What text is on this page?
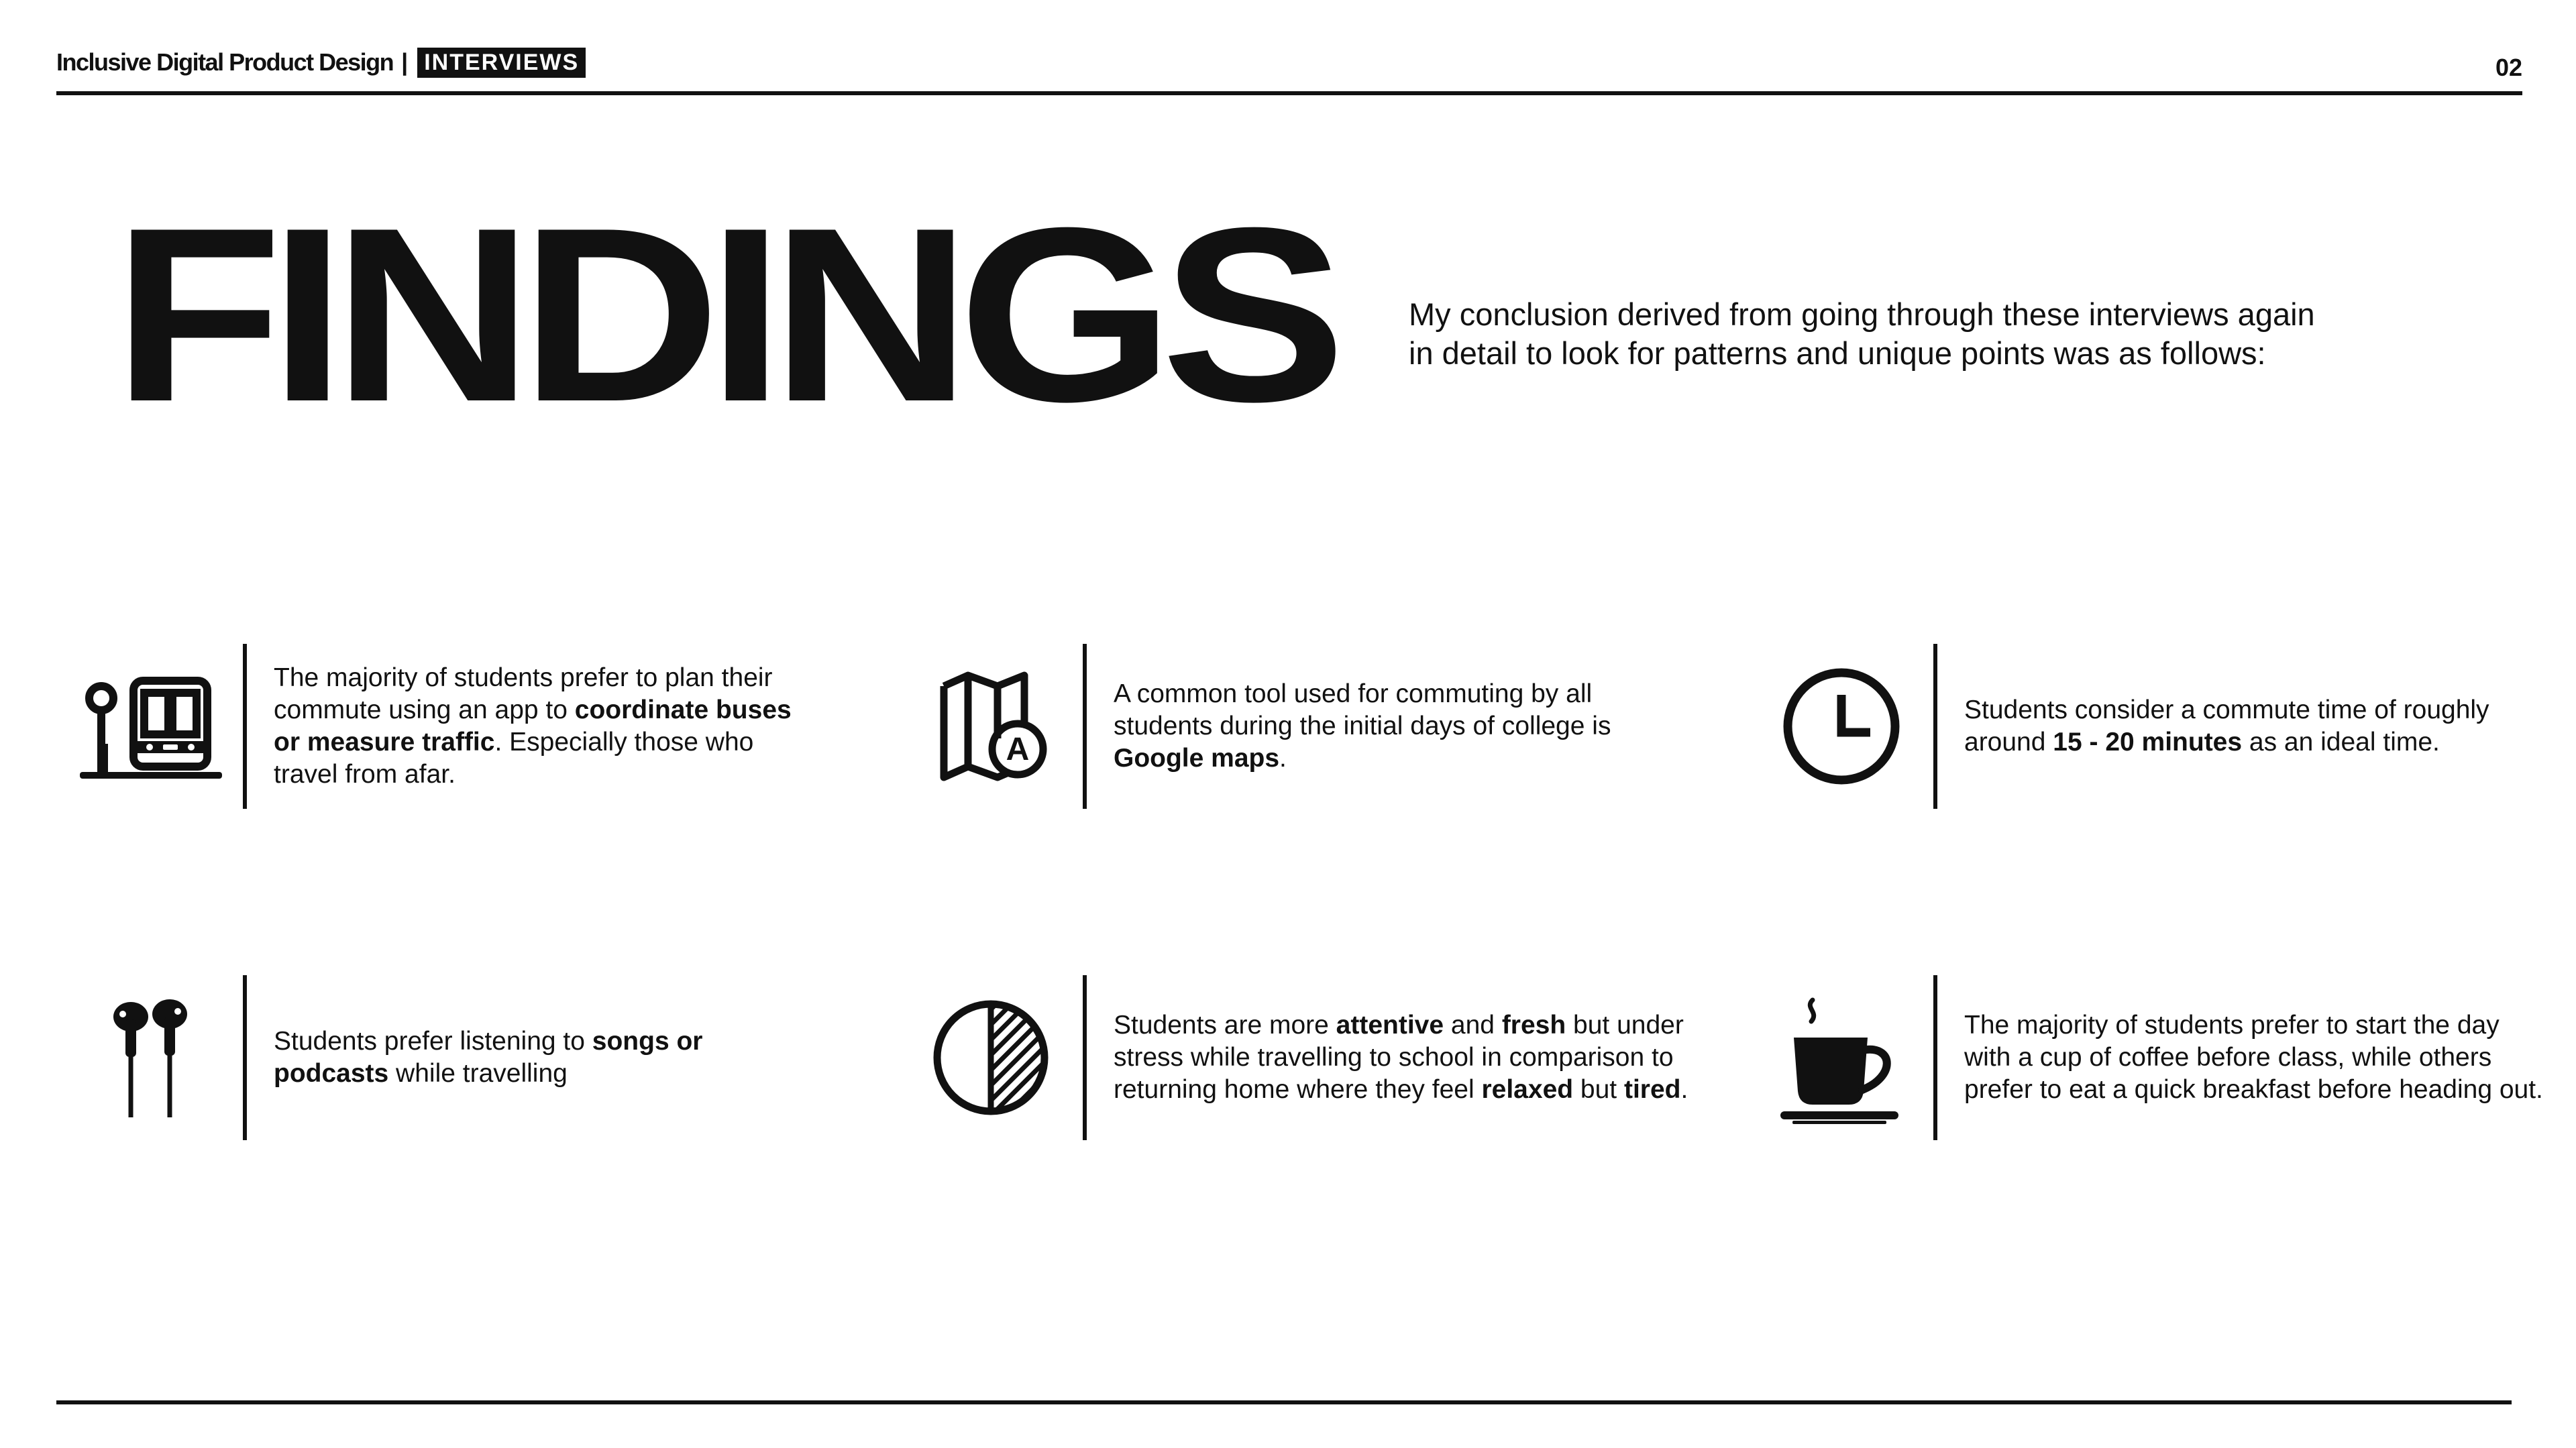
Inclusive Digital Product Design | INTERVIEWS	02
FINDINGS My conclusion derived from going through these interviews again in detail to look for patterns and unique points was as follows:

The majority of students prefer to plan their commute using an app to coordinate buses or measure traffic. Especially those who travel from afar.
A
A common tool used for commuting by all students during the initial days of college is Google maps.
Students consider a commute time of roughly around 15 - 20 minutes as an ideal time.
Students prefer listening to songs or podcasts while travelling
Students are more attentive and fresh but under stress while travelling to school in comparison to returning home where they feel relaxed but tired.
The majority of students prefer to start the day with a cup of coffee before class, while others prefer to eat a quick breakfast before heading out.
